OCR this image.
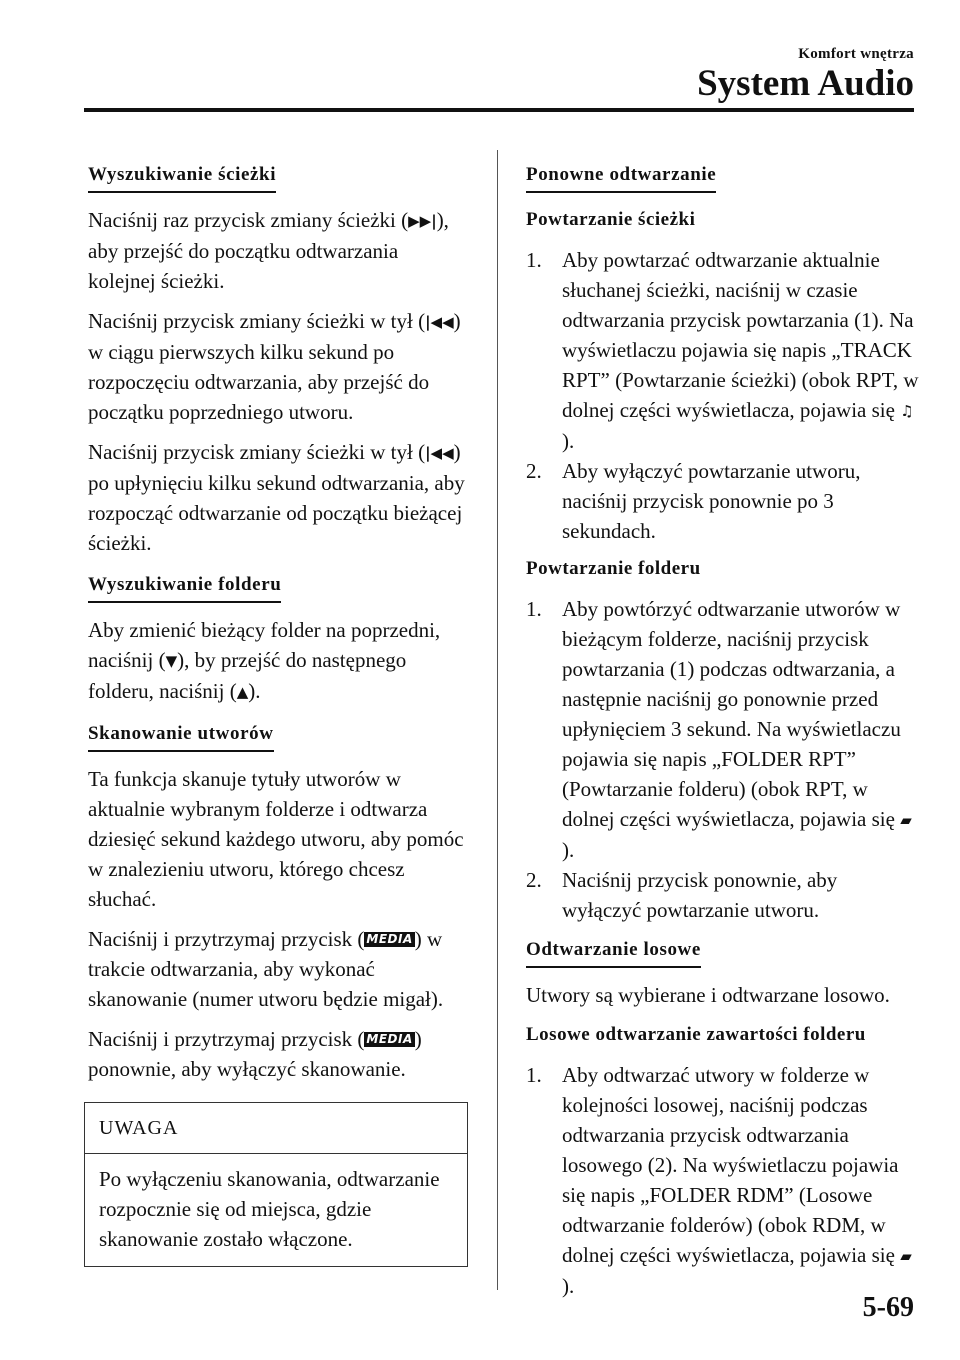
Komfort wnętrza
System Audio
Wyszukiwanie ścieżki

Naciśnij raz przycisk zmiany ścieżki (▶▶|), aby przejść do początku odtwarzania kolejnej ścieżki.

Naciśnij przycisk zmiany ścieżki w tył (|◀◀) w ciągu pierwszych kilku sekund po rozpoczęciu odtwarzania, aby przejść do początku poprzedniego utworu.

Naciśnij przycisk zmiany ścieżki w tył (|◀◀) po upłynięciu kilku sekund odtwarzania, aby rozpocząć odtwarzanie od początku bieżącej ścieżki.

Wyszukiwanie folderu

Aby zmienić bieżący folder na poprzedni, naciśnij (▼), by przejść do następnego folderu, naciśnij (▲).

Skanowanie utworów

Ta funkcja skanuje tytuły utworów w aktualnie wybranym folderze i odtwarza dziesięć sekund każdego utworu, aby pomóc w znalezieniu utworu, którego chcesz słuchać.

Naciśnij i przytrzymaj przycisk ( MEDIA) w trakcie odtwarzania, aby wykonać skanowanie (numer utworu będzie migał).

Naciśnij i przytrzymaj przycisk ( MEDIA) ponownie, aby wyłączyć skanowanie.

UWAGA
Po wyłączeniu skanowania, odtwarzanie rozpocznie się od miejsca, gdzie skanowanie zostało włączone.
Ponowne odtwarzanie
Powtarzanie ścieżki
1. Aby powtarzać odtwarzanie aktualnie słuchanej ścieżki, naciśnij w czasie odtwarzania przycisk powtarzania (1). Na wyświetlaczu pojawia się napis „TRACK RPT” (Powtarzanie ścieżki) (obok RPT, w dolnej części wyświetlacza, pojawia się ♫).
2. Aby wyłączyć powtarzanie utworu, naciśnij przycisk ponownie po 3 sekundach.
Powtarzanie folderu
1. Aby powtórzyć odtwarzanie utworów w bieżącym folderze, naciśnij przycisk powtarzania (1) podczas odtwarzania, a następnie naciśnij go ponownie przed upłynięciem 3 sekund. Na wyświetlaczu pojawia się napis „FOLDER RPT” (Powtarzanie folderu) (obok RPT, w dolnej części wyświetlacza, pojawia się ▰).
2. Naciśnij przycisk ponownie, aby wyłączyć powtarzanie utworu.
Odtwarzanie losowe

Utwory są wybierane i odtwarzane losowo.

Losowe odtwarzanie zawartości folderu
1. Aby odtwarzać utwory w folderze w kolejności losowej, naciśnij podczas odtwarzania przycisk odtwarzania losowego (2). Na wyświetlaczu pojawia się napis „FOLDER RDM” (Losowe odtwarzanie folderów) (obok RDM, w dolnej części wyświetlacza, pojawia się ▰).
5-69
